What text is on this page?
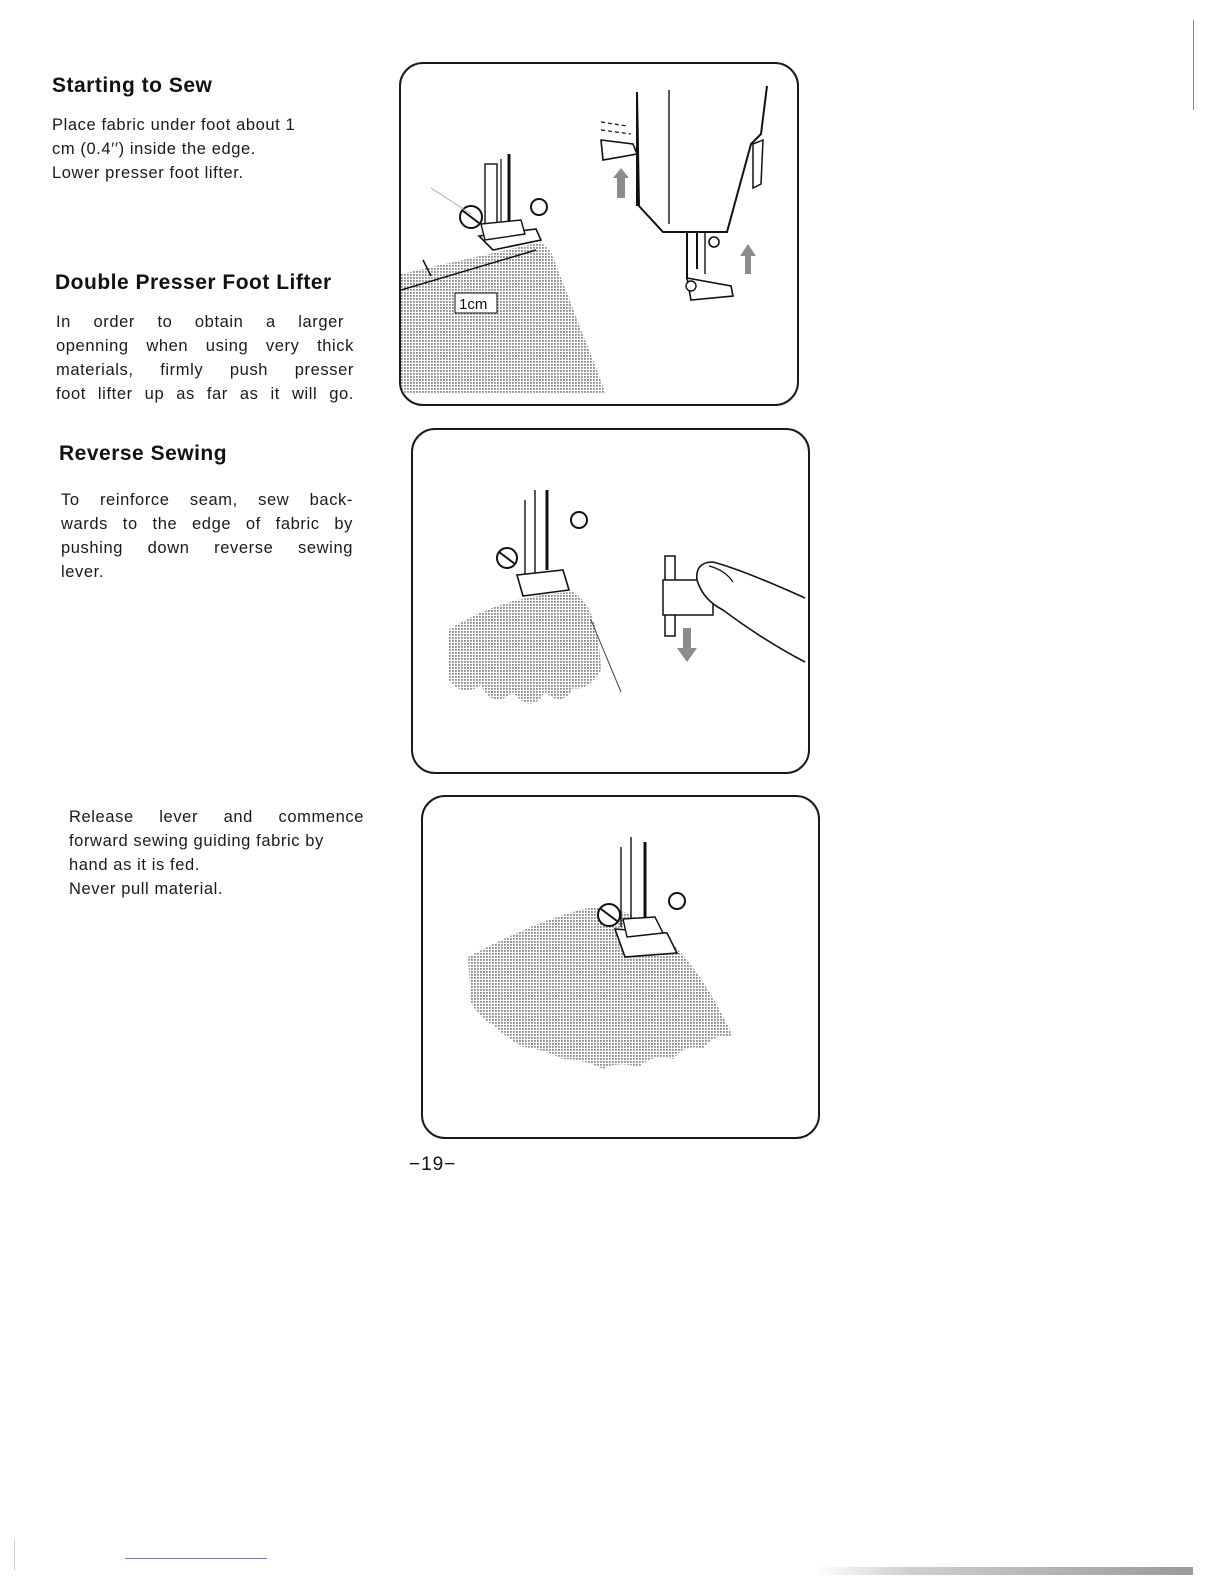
Starting to Sew
Place fabric under foot about 1
cm (0.4′′) inside the edge.
Lower presser foot lifter.
Double Presser Foot Lifter
In order to obtain a larger
openning when using very thick
materials, firmly push presser
foot lifter up as far as it will go.
Reverse Sewing
To reinforce seam, sew back-
wards to the edge of fabric by
pushing down reverse sewing
lever.
Release lever and commence
forward sewing guiding fabric by
hand as it is fed.
Never pull material.
1cm

−19−
